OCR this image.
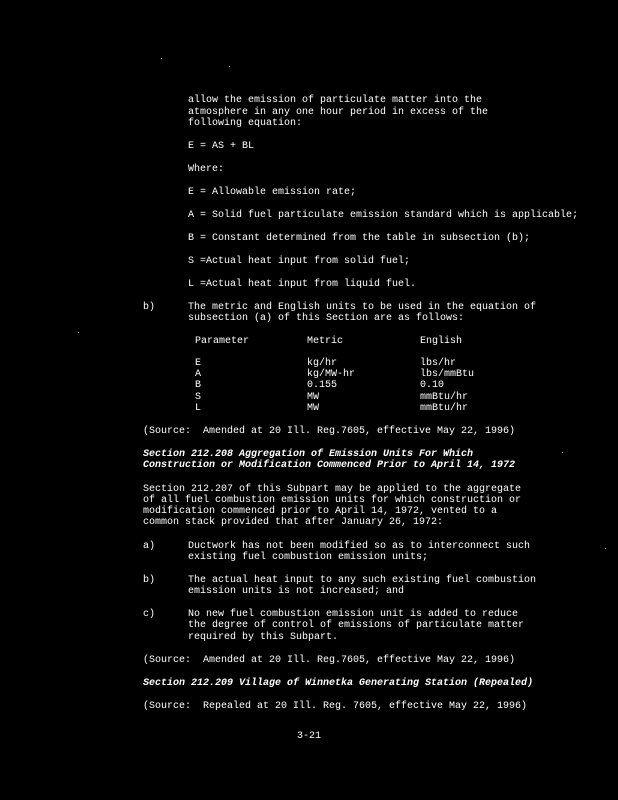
allow the emission of particulate matter into the
atmosphere in any one hour period in excess of the
following equation:
E = AS + BL
Where:
E = Allowable emission rate;
A = Solid fuel particulate emission standard which is applicable;
B = Constant determined from the table in subsection (b);
S =Actual heat input from solid fuel;
L =Actual heat input from liquid fuel.
b)	The metric and English units to be used in the equation of
subsection (a) of this Section are as follows:
Parameter	Metric	English
E	kg/hr	lbs/hr
A	kg/MW-hr	lbs/mmBtu
B	0.155	0.10
S	MW	mmBtu/hr
L	MW	mmBtu/hr
(Source:  Amended at 20 Ill. Reg.7605, effective May 22, 1996)
Section 212.208 Aggregation of Emission Units For Which
Construction or Modification Commenced Prior to April 14, 1972
Section 212.207 of this Subpart may be applied to the aggregate
of all fuel combustion emission units for which construction or
modification commenced prior to April 14, 1972, vented to a
common stack provided that after January 26, 1972:
a)	Ductwork has not been modified so as to interconnect such
existing fuel combustion emission units;
b)	The actual heat input to any such existing fuel combustion
emission units is not increased; and
c)	No new fuel combustion emission unit is added to reduce
the degree of control of emissions of particulate matter
required by this Subpart.
(Source:  Amended at 20 Ill. Reg.7605, effective May 22, 1996)
Section 212.209 Village of Winnetka Generating Station (Repealed)
(Source:  Repealed at 20 Ill. Reg. 7605, effective May 22, 1996)
3-21
